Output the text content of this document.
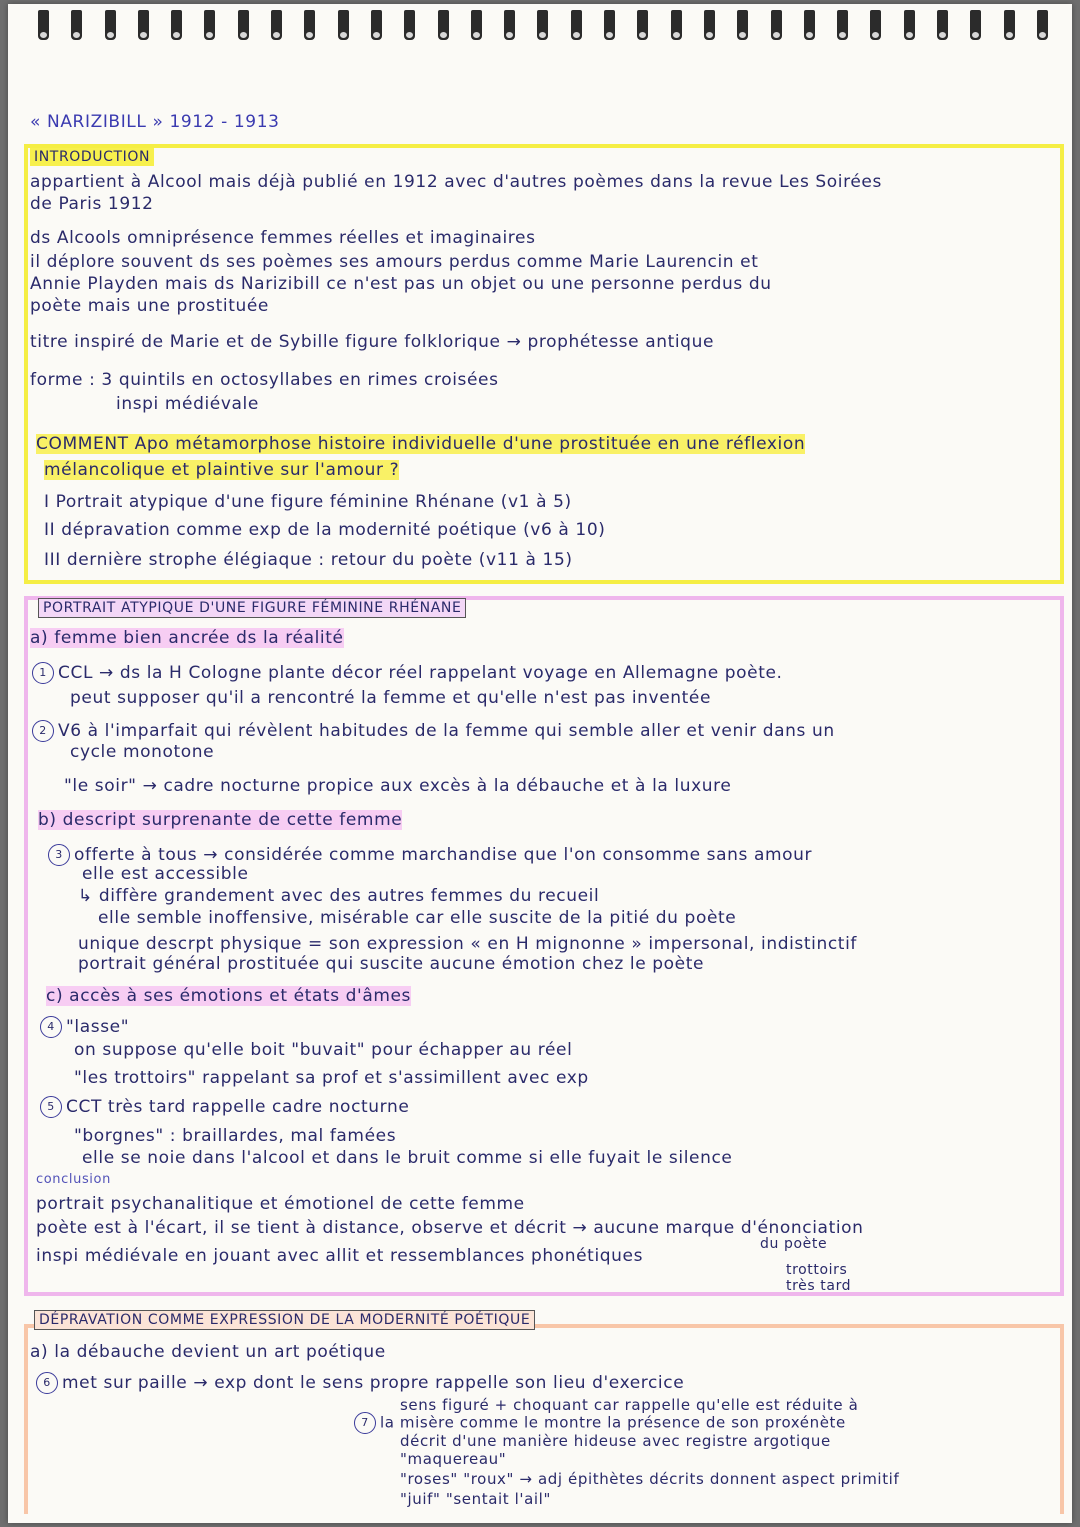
« NARIZIBILL » 1912 - 1913
INTRODUCTION
appartient à Alcool mais déjà publié en 1912 avec d'autres poèmes dans la revue Les Soirées
de Paris 1912
ds Alcools omniprésence femmes réelles et imaginaires
il déplore souvent ds ses poèmes ses amours perdus comme Marie Laurencin et
Annie Playden mais ds Narizibill ce n'est pas un objet ou une personne perdus du
poète mais une prostituée
titre inspiré de Marie et de Sybille figure folklorique → prophétesse antique
forme : 3 quintils en octosyllabes en rimes croisées
inspi médiévale
COMMENT Apo métamorphose histoire individuelle d'une prostituée en une réflexion
mélancolique et plaintive sur l'amour ?
I Portrait atypique d'une figure féminine Rhénane (v1 à 5)
II dépravation comme exp de la modernité poétique (v6 à 10)
III dernière strophe élégiaque : retour du poète (v11 à 15)
PORTRAIT ATYPIQUE D'UNE FIGURE FÉMININE RHÉNANE
a) femme bien ancrée ds la réalité
1 CCL → ds la H Cologne plante décor réel rappelant voyage en Allemagne poète.
peut supposer qu'il a rencontré la femme et qu'elle n'est pas inventée
2 V6 à l'imparfait qui révèlent habitudes de la femme qui semble aller et venir dans un
cycle monotone
"le soir" → cadre nocturne propice aux excès à la débauche et à la luxure
b) descript surprenante de cette femme
3 offerte à tous → considérée comme marchandise que l'on consomme sans amour
elle est accessible
↳ diffère grandement avec des autres femmes du recueil
elle semble inoffensive, misérable car elle suscite de la pitié du poète
unique descrpt physique = son expression « en H mignonne » impersonal, indistinctif
portrait général prostituée qui suscite aucune émotion chez le poète
c) accès à ses émotions et états d'âmes
4 "lasse"
on suppose qu'elle boit "buvait" pour échapper au réel
"les trottoirs" rappelant sa prof et s'assimillent avec exp
5 CCT très tard rappelle cadre nocturne
"borgnes" : braillardes, mal famées
elle se noie dans l'alcool et dans le bruit comme si elle fuyait le silence
conclusion
portrait psychanalitique et émotionel de cette femme
poète est à l'écart, il se tient à distance, observe et décrit → aucune marque d'énonciation
du poète
inspi médiévale en jouant avec allit et ressemblances phonétiques
trottoirs
très tard
DÉPRAVATION COMME EXPRESSION DE LA MODERNITÉ POÉTIQUE
a) la débauche devient un art poétique
6 met sur paille → exp dont le sens propre rappelle son lieu d'exercice
sens figuré + choquant car rappelle qu'elle est réduite à
7 la misère comme le montre la présence de son proxénète
décrit d'une manière hideuse avec registre argotique
"maquereau"
"roses" "roux" → adj épithètes décrits donnent aspect primitif
"juif" "sentait l'ail"
